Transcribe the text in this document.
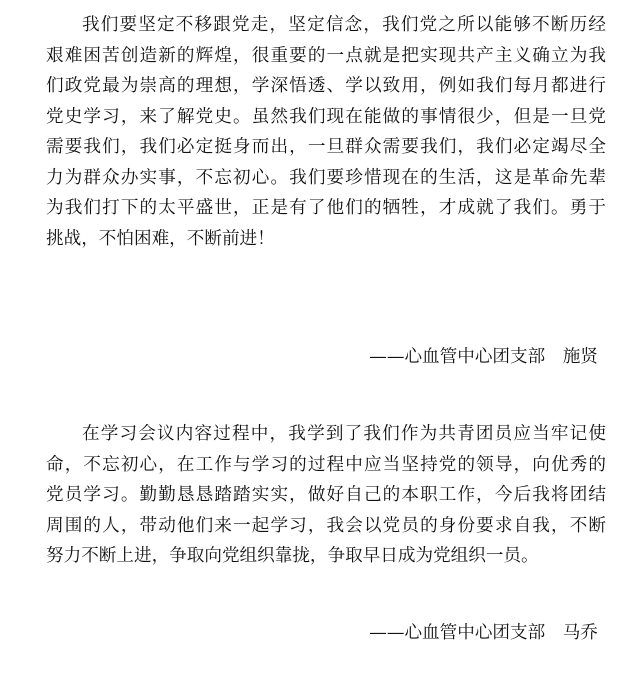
我们要坚定不移跟党走，坚定信念，我们党之所以能够不断历经
艰难困苦创造新的辉煌，很重要的一点就是把实现共产主义确立为我
们政党最为崇高的理想，学深悟透、学以致用，例如我们每月都进行
党史学习，来了解党史。虽然我们现在能做的事情很少，但是一旦党
需要我们，我们必定挺身而出，一旦群众需要我们，我们必定竭尽全
力为群众办实事，不忘初心。我们要珍惜现在的生活，这是革命先辈
为我们打下的太平盛世，正是有了他们的牺牲，才成就了我们。勇于
挑战，不怕困难，不断前进！
——心血管中心团支部　施贤
在学习会议内容过程中，我学到了我们作为共青团员应当牢记使
命，不忘初心，在工作与学习的过程中应当坚持党的领导，向优秀的
党员学习。勤勤恳恳踏踏实实，做好自己的本职工作，今后我将团结
周围的人，带动他们来一起学习，我会以党员的身份要求自我，不断
努力不断上进，争取向党组织靠拢，争取早日成为党组织一员。
——心血管中心团支部　马乔
